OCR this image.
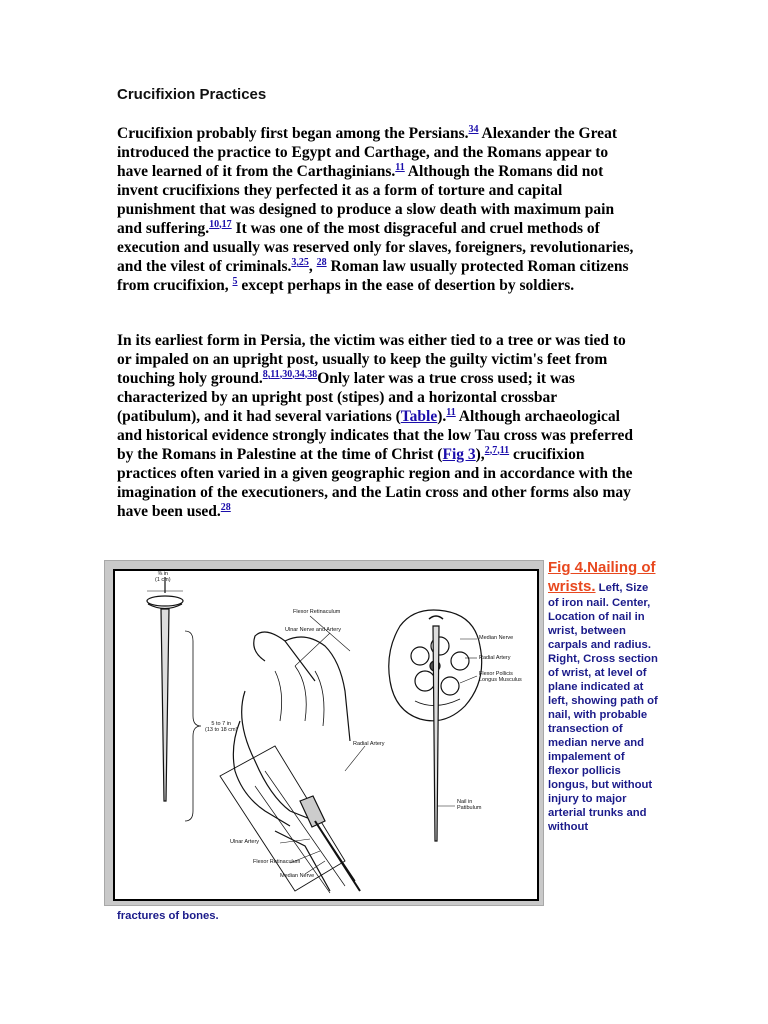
Crucifixion Practices

Crucifixion probably first began among the Persians.$^{34}$ Alexander the Great introduced the practice to Egypt and Carthage, and the Romans appear to have learned of it from the Carthaginians.$^{11}$ Although the Romans did not invent crucifixions they perfected it as a form of torture and capital punishment that was designed to produce a slow death with maximum pain and suffering.$^{10,17}$ It was one of the most disgraceful and cruel methods of execution and usually was reserved only for slaves, foreigners, revolutionaries, and the vilest of criminals.$^{3,25}$, $^{28}$ Roman law usually protected Roman citizens from crucifixion, $^5$ except perhaps in the ease of desertion by soldiers.

In its earliest form in Persia, the victim was either tied to a tree or was tied to or impaled on an upright post, usually to keep the guilty victim's feet from touching holy ground.$^{8,11,30,34,38}$Only later was a true cross used; it was characterized by an upright post (stipes) and a horizontal crossbar (patibulum), and it had several variations (Table).$^{11}$ Although archaeological and historical evidence strongly indicates that the low Tau cross was preferred by the Romans in Palestine at the time of Christ (Fig 3),$^{2,7,11}$ crucifixion practices often varied in a given geographic region and in accordance with the imagination of the executioners, and the Latin cross and other forms also may have been used.$^{28}$

⅜ in
(1 cm)
Flexor Retinaculum
Ulnar Nerve and Artery
Median Nerve
Radial Artery
Flexor Pollicis
Longus Musculus
5 to 7 in
(13 to 18 cm)
Radial Artery
Nail in
Patibulum
Ulnar Artery
Flexor Retinaculum
Median Nerve
Fig 4.Nailing of wrists. Left, Size of iron nail. Center, Location of nail in wrist, between carpals and radius. Right, Cross section of wrist, at level of plane indicated at left, showing path of nail, with probable transection of median nerve and impalement of flexor pollicis longus, but without injury to major arterial trunks and without
fractures of bones.
